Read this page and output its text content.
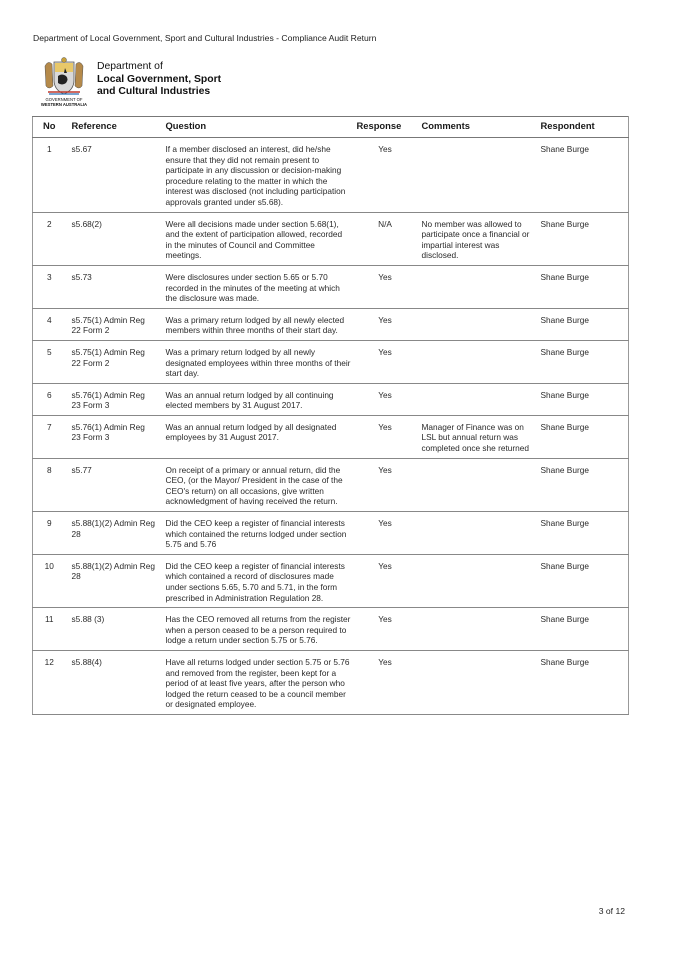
Department of Local Government, Sport and Cultural Industries - Compliance Audit Return
GOVERNMENT OF
WESTERN AUSTRALIA
Department of
Local Government, Sport
and Cultural Industries
No	Reference	Question	Response	Comments	Respondent
1	s5.67	If a member disclosed an interest, did he/she ensure that they did not remain present to participate in any discussion or decision-making procedure relating to the matter in which the interest was disclosed (not including participation approvals granted under s5.68).	Yes		Shane Burge
2	s5.68(2)	Were all decisions made under section 5.68(1), and the extent of participation allowed, recorded in the minutes of Council and Committee meetings.	N/A	No member was allowed to participate once a financial or impartial interest was disclosed.	Shane Burge
3	s5.73	Were disclosures under section 5.65 or 5.70 recorded in the minutes of the meeting at which the disclosure was made.	Yes		Shane Burge
4	s5.75(1) Admin Reg 22 Form 2	Was a primary return lodged by all newly elected members within three months of their start day.	Yes		Shane Burge
5	s5.75(1) Admin Reg 22 Form 2	Was a primary return lodged by all newly designated employees within three months of their start day.	Yes		Shane Burge
6	s5.76(1) Admin Reg 23 Form 3	Was an annual return lodged by all continuing elected members by 31 August 2017.	Yes		Shane Burge
7	s5.76(1) Admin Reg 23 Form 3	Was an annual return lodged by all designated employees by 31 August 2017.	Yes	Manager of Finance was on LSL but annual return was completed once she returned	Shane Burge
8	s5.77	On receipt of a primary or annual return, did the CEO, (or the Mayor/ President in the case of the CEO's return) on all occasions, give written acknowledgment of having received the return.	Yes		Shane Burge
9	s5.88(1)(2) Admin Reg 28	Did the CEO keep a register of financial interests which contained the returns lodged under section 5.75 and 5.76	Yes		Shane Burge
10	s5.88(1)(2) Admin Reg 28	Did the CEO keep a register of financial interests which contained a record of disclosures made under sections 5.65, 5.70 and 5.71, in the form prescribed in Administration Regulation 28.	Yes		Shane Burge
11	s5.88 (3)	Has the CEO removed all returns from the register when a person ceased to be a person required to lodge a return under section 5.75 or 5.76.	Yes		Shane Burge
12	s5.88(4)	Have all returns lodged under section 5.75 or 5.76 and removed from the register, been kept for a period of at least five years, after the person who lodged the return ceased to be a council member or designated employee.	Yes		Shane Burge
3 of 12
